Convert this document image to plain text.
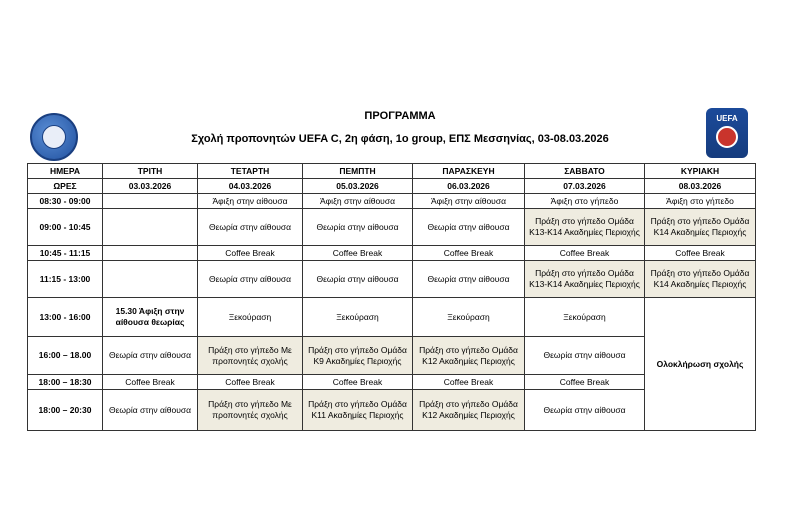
UEFA
ΠΡΟΓΡΑΜΜΑ
Σχολή προπονητών UEFA C, 2η φάση, 1ο group, ΕΠΣ Μεσσηνίας, 03-08.03.2026
ΗΜΕΡΑ	ΤΡΙΤΗ	ΤΕΤΑΡΤΗ	ΠΕΜΠΤΗ	ΠΑΡΑΣΚΕΥΗ	ΣΑΒΒΑΤΟ	ΚΥΡΙΑΚΗ
ΩΡΕΣ	03.03.2026	04.03.2026	05.03.2026	06.03.2026	07.03.2026	08.03.2026
08:30 - 09:00		Άφιξη στην αίθουσα	Άφιξη στην αίθουσα	Άφιξη στην αίθουσα	Άφιξη στο γήπεδο	Άφιξη στο γήπεδο
09:00 - 10:45		Θεωρία στην αίθουσα	Θεωρία στην αίθουσα	Θεωρία στην αίθουσα	Πράξη στο γήπεδο Ομάδα Κ13-Κ14 Ακαδημίες Περιοχής	Πράξη στο γήπεδο Ομάδα Κ14 Ακαδημίες Περιοχής
10:45 - 11:15		Coffee Break	Coffee Break	Coffee Break	Coffee Break	Coffee Break
11:15 - 13:00		Θεωρία στην αίθουσα	Θεωρία στην αίθουσα	Θεωρία στην αίθουσα	Πράξη στο γήπεδο Ομάδα Κ13-Κ14 Ακαδημίες Περιοχής	Πράξη στο γήπεδο Ομάδα Κ14 Ακαδημίες Περιοχής
13:00 - 16:00	15.30 Άφιξη στην αίθουσα θεωρίας	Ξεκούραση	Ξεκούραση	Ξεκούραση	Ξεκούραση	Ολοκλήρωση σχολής
16:00 – 18.00	Θεωρία στην αίθουσα	Πράξη στο γήπεδο Με προπονητές σχολής	Πράξη στο γήπεδο Ομάδα Κ9 Ακαδημίες Περιοχής	Πράξη στο γήπεδο Ομάδα Κ12 Ακαδημίες Περιοχής	Θεωρία στην αίθουσα	
18:00 – 18:30	Coffee Break	Coffee Break	Coffee Break	Coffee Break	Coffee Break	
18:00 – 20:30	Θεωρία στην αίθουσα	Πράξη στο γήπεδο Με προπονητές σχολής	Πράξη στο γήπεδο Ομάδα Κ11 Ακαδημίες Περιοχής	Πράξη στο γήπεδο Ομάδα Κ12 Ακαδημίες Περιοχής	Θεωρία στην αίθουσα	
